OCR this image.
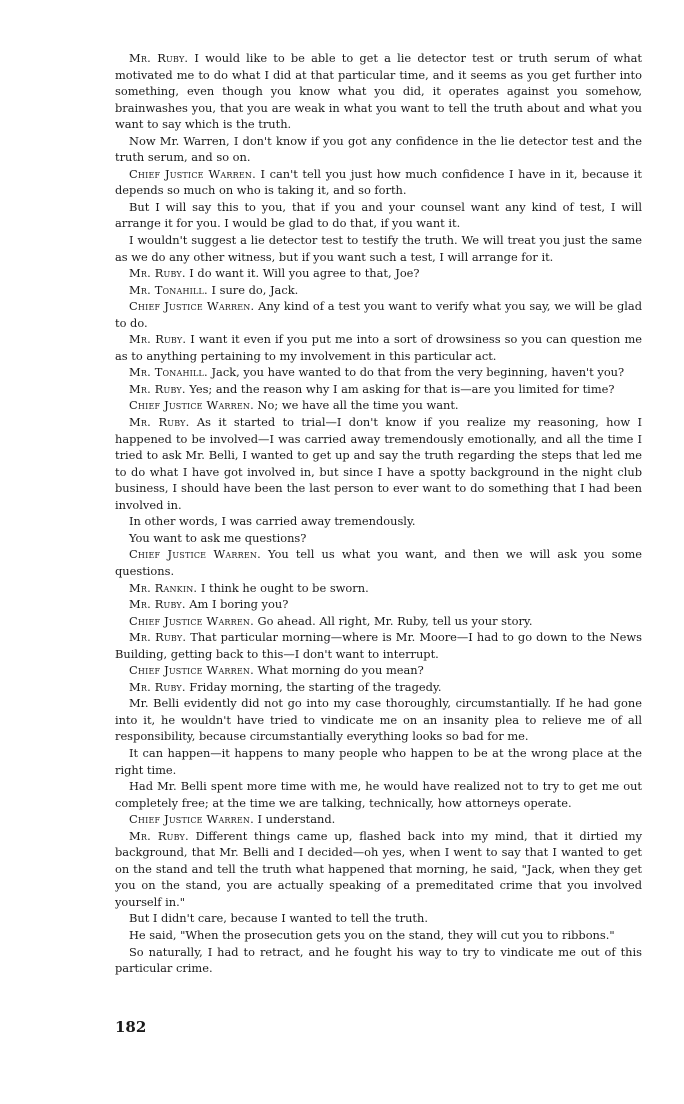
Mr. Ruby. I would like to be able to get a lie detector test or truth serum of what motivated me to do what I did at that particular time, and it seems as you get further into something, even though you know what you did, it operates against you somehow, brainwashes you, that you are weak in what you want to tell the truth about and what you want to say which is the truth.

Now Mr. Warren, I don't know if you got any confidence in the lie detector test and the truth serum, and so on.

Chief Justice Warren. I can't tell you just how much confidence I have in it, because it depends so much on who is taking it, and so forth.

But I will say this to you, that if you and your counsel want any kind of test, I will arrange it for you. I would be glad to do that, if you want it.

I wouldn't suggest a lie detector test to testify the truth. We will treat you just the same as we do any other witness, but if you want such a test, I will arrange for it.

Mr. Ruby. I do want it. Will you agree to that, Joe?

Mr. Tonahill. I sure do, Jack.

Chief Justice Warren. Any kind of a test you want to verify what you say, we will be glad to do.

Mr. Ruby. I want it even if you put me into a sort of drowsiness so you can question me as to anything pertaining to my involvement in this particular act.

Mr. Tonahill. Jack, you have wanted to do that from the very beginning, haven't you?

Mr. Ruby. Yes; and the reason why I am asking for that is—are you limited for time?

Chief Justice Warren. No; we have all the time you want.

Mr. Ruby. As it started to trial—I don't know if you realize my reasoning, how I happened to be involved—I was carried away tremendously emotionally, and all the time I tried to ask Mr. Belli, I wanted to get up and say the truth regarding the steps that led me to do what I have got involved in, but since I have a spotty background in the night club business, I should have been the last person to ever want to do something that I had been involved in.

In other words, I was carried away tremendously.

You want to ask me questions?

Chief Justice Warren. You tell us what you want, and then we will ask you some questions.

Mr. Rankin. I think he ought to be sworn.

Mr. Ruby. Am I boring you?

Chief Justice Warren. Go ahead. All right, Mr. Ruby, tell us your story.

Mr. Ruby. That particular morning—where is Mr. Moore—I had to go down to the News Building, getting back to this—I don't want to interrupt.

Chief Justice Warren. What morning do you mean?

Mr. Ruby. Friday morning, the starting of the tragedy.

Mr. Belli evidently did not go into my case thoroughly, circumstantially. If he had gone into it, he wouldn't have tried to vindicate me on an insanity plea to relieve me of all responsibility, because circumstantially everything looks so bad for me.

It can happen—it happens to many people who happen to be at the wrong place at the right time.

Had Mr. Belli spent more time with me, he would have realized not to try to get me out completely free; at the time we are talking, technically, how attorneys operate.

Chief Justice Warren. I understand.

Mr. Ruby. Different things came up, flashed back into my mind, that it dirtied my background, that Mr. Belli and I decided—oh yes, when I went to say that I wanted to get on the stand and tell the truth what happened that morning, he said, "Jack, when they get you on the stand, you are actually speaking of a premeditated crime that you involved yourself in."

But I didn't care, because I wanted to tell the truth.

He said, "When the prosecution gets you on the stand, they will cut you to ribbons."

So naturally, I had to retract, and he fought his way to try to vindicate me out of this particular crime.

182
